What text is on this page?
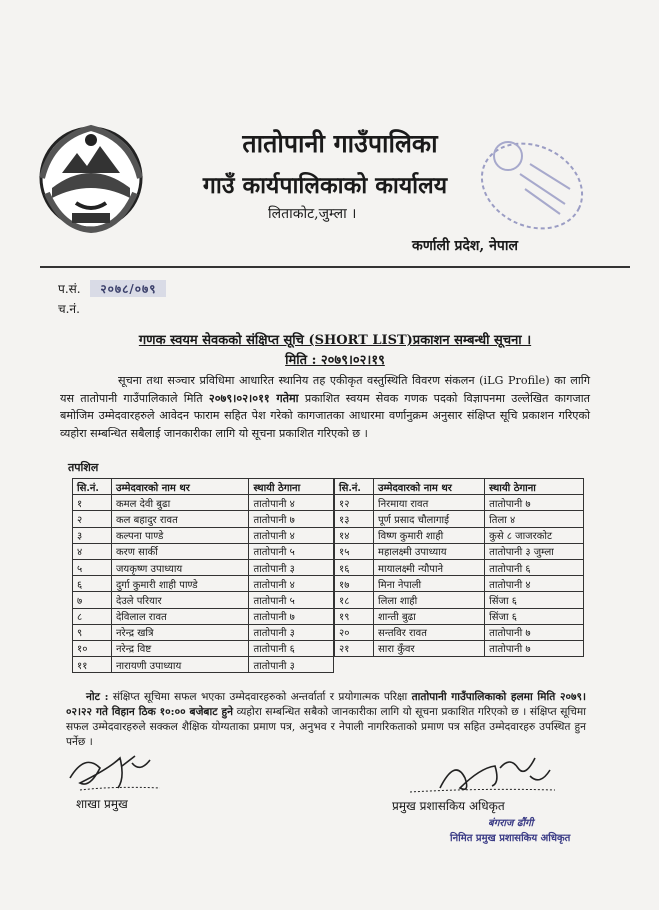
तातोपानी गाउँपालिका
गाउँ कार्यपालिकाको कार्यालय
लिताकोट,जुम्ला ।
कर्णाली प्रदेश, नेपाल
प.सं. २०७८/०७९
च.नं.
गणक स्वयम सेवकको संक्षिप्त सूचि (SHORT LIST)प्रकाशन सम्बन्धी सूचना ।
मिति : २०७९।०२।१९
सूचना तथा सञ्चार प्रविधिमा आधारित स्थानिय तह एकीकृत वस्तुस्थिति विवरण संकलन (iLG Profile) का लागि यस तातोपानी गाउँपालिकाले मिति २०७९।०२।०११ गतेमा प्रकाशित स्वयम सेवक गणक पदको विज्ञापनमा उल्लेखित कागजात बमोजिम उम्मेदवारहरुले आवेदन फाराम सहित पेश गरेको कागजातका आधारमा वर्णानुक्रम अनुसार संक्षिप्त सूचि प्रकाशन गरिएको व्यहोरा सम्बन्धित सबैलाई जानकारीका लागि यो सूचना प्रकाशित गरिएको छ ।
तपशिल
सि.नं.	उम्मेदवारको नाम थर	स्थायी ठेगाना
१	कमल देवी बुढा	तातोपानी ४
२	कल बहादुर रावत	तातोपानी ७
३	कल्पना पाण्डे	तातोपानी ४
४	करण सार्की	तातोपानी ५
५	जयकृष्ण उपाध्याय	तातोपानी ३
६	दुर्गा कुमारी शाही पाण्डे	तातोपानी ४
७	देउले परियार	तातोपानी ५
८	देविलाल रावत	तातोपानी ७
९	नरेन्द्र खत्रि	तातोपानी ३
१०	नरेन्द्र विष्ट	तातोपानी ६
११	नारायणी उपाध्याय	तातोपानी ३
सि.नं.	उम्मेदवारको नाम थर	स्थायी ठेगाना
१२	निरमाया रावत	तातोपानी ७
१३	पूर्ण प्रसाद चौलागाई	तिला ४
१४	विष्ण कुमारी शाही	कुसे ८ जाजरकोट
१५	महालक्ष्मी उपाध्याय	तातोपानी ३ जुम्ला
१६	मायालक्ष्मी न्यौपाने	तातोपानी ६
१७	मिना नेपाली	तातोपानी ४
१८	लिला शाही	सिंजा ६
१९	शान्ती बुढा	सिंजा ६
२०	सन्तविर रावत	तातोपानी ७
२१	सारा कुँवर	तातोपानी ७
नोट : संक्षिप्त सूचिमा सफल भएका उम्मेदवारहरुको अन्तर्वार्ता र प्रयोगात्मक परिक्षा तातोपानी गाउँपालिकाको हलमा मिति २०७९।०२।२२ गते विहान ठिक १०:०० बजेबाट हुने व्यहोरा सम्बन्धित सबैको जानकारीका लागि यो सूचना प्रकाशित गरिएको छ । संक्षिप्त सूचिमा सफल उम्मेदवारहरुले सक्कल शैक्षिक योग्यताका प्रमाण पत्र, अनुभव र नेपाली नागरिकताको प्रमाण पत्र सहित उम्मेदवारहरु उपस्थित हुन पर्नेछ ।
शाखा प्रमुख	प्रमुख प्रशासकिय अधिकृत
बंगराज ढौंगी
निमित प्रमुख प्रशासकिय अधिकृत
